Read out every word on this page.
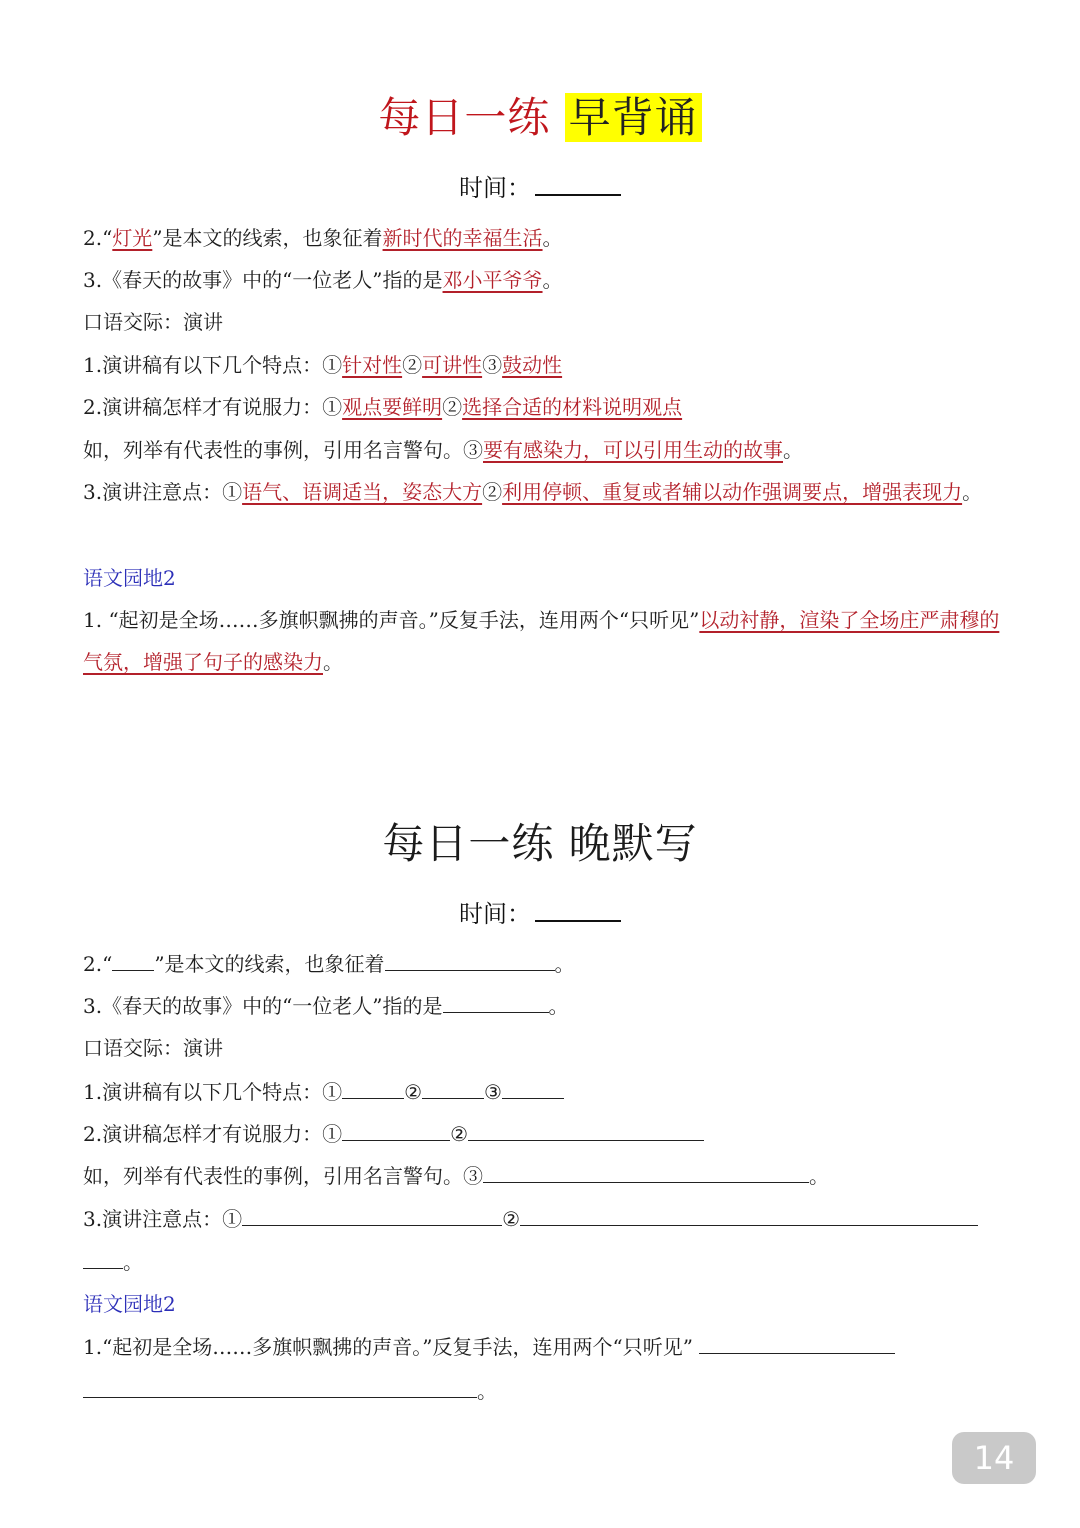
每日一练 早背诵
时间：
2.“灯光”是本文的线索，也象征着新时代的幸福生活。
3.《春天的故事》中的“一位老人”指的是邓小平爷爷。
口语交际：演讲
1.演讲稿有以下几个特点：①针对性②可讲性③鼓动性
2.演讲稿怎样才有说服力：①观点要鲜明②选择合适的材料说明观点
如，列举有代表性的事例，引用名言警句。③要有感染力，可以引用生动的故事。
3.演讲注意点：①语气、语调适当，姿态大方②利用停顿、重复或者辅以动作强调要点，增强表现力。
语文园地2
1. “起初是全场……多旗帜飘拂的声音。”反复手法，连用两个“只听见”以动衬静，渲染了全场庄严肃穆的气氛，增强了句子的感染力。
每日一练 晚默写
时间：
2.“ ”是本文的线索，也象征着	。
3.《春天的故事》中的“一位老人”指的是	。
口语交际：演讲
1.演讲稿有以下几个特点：①	②	③
2.演讲稿怎样才有说服力：①	②
如，列举有代表性的事例，引用名言警句。③	。
3.演讲注意点：①	②
。
语文园地2
1.“起初是全场……多旗帜飘拂的声音。”反复手法，连用两个“只听见”
。
14
